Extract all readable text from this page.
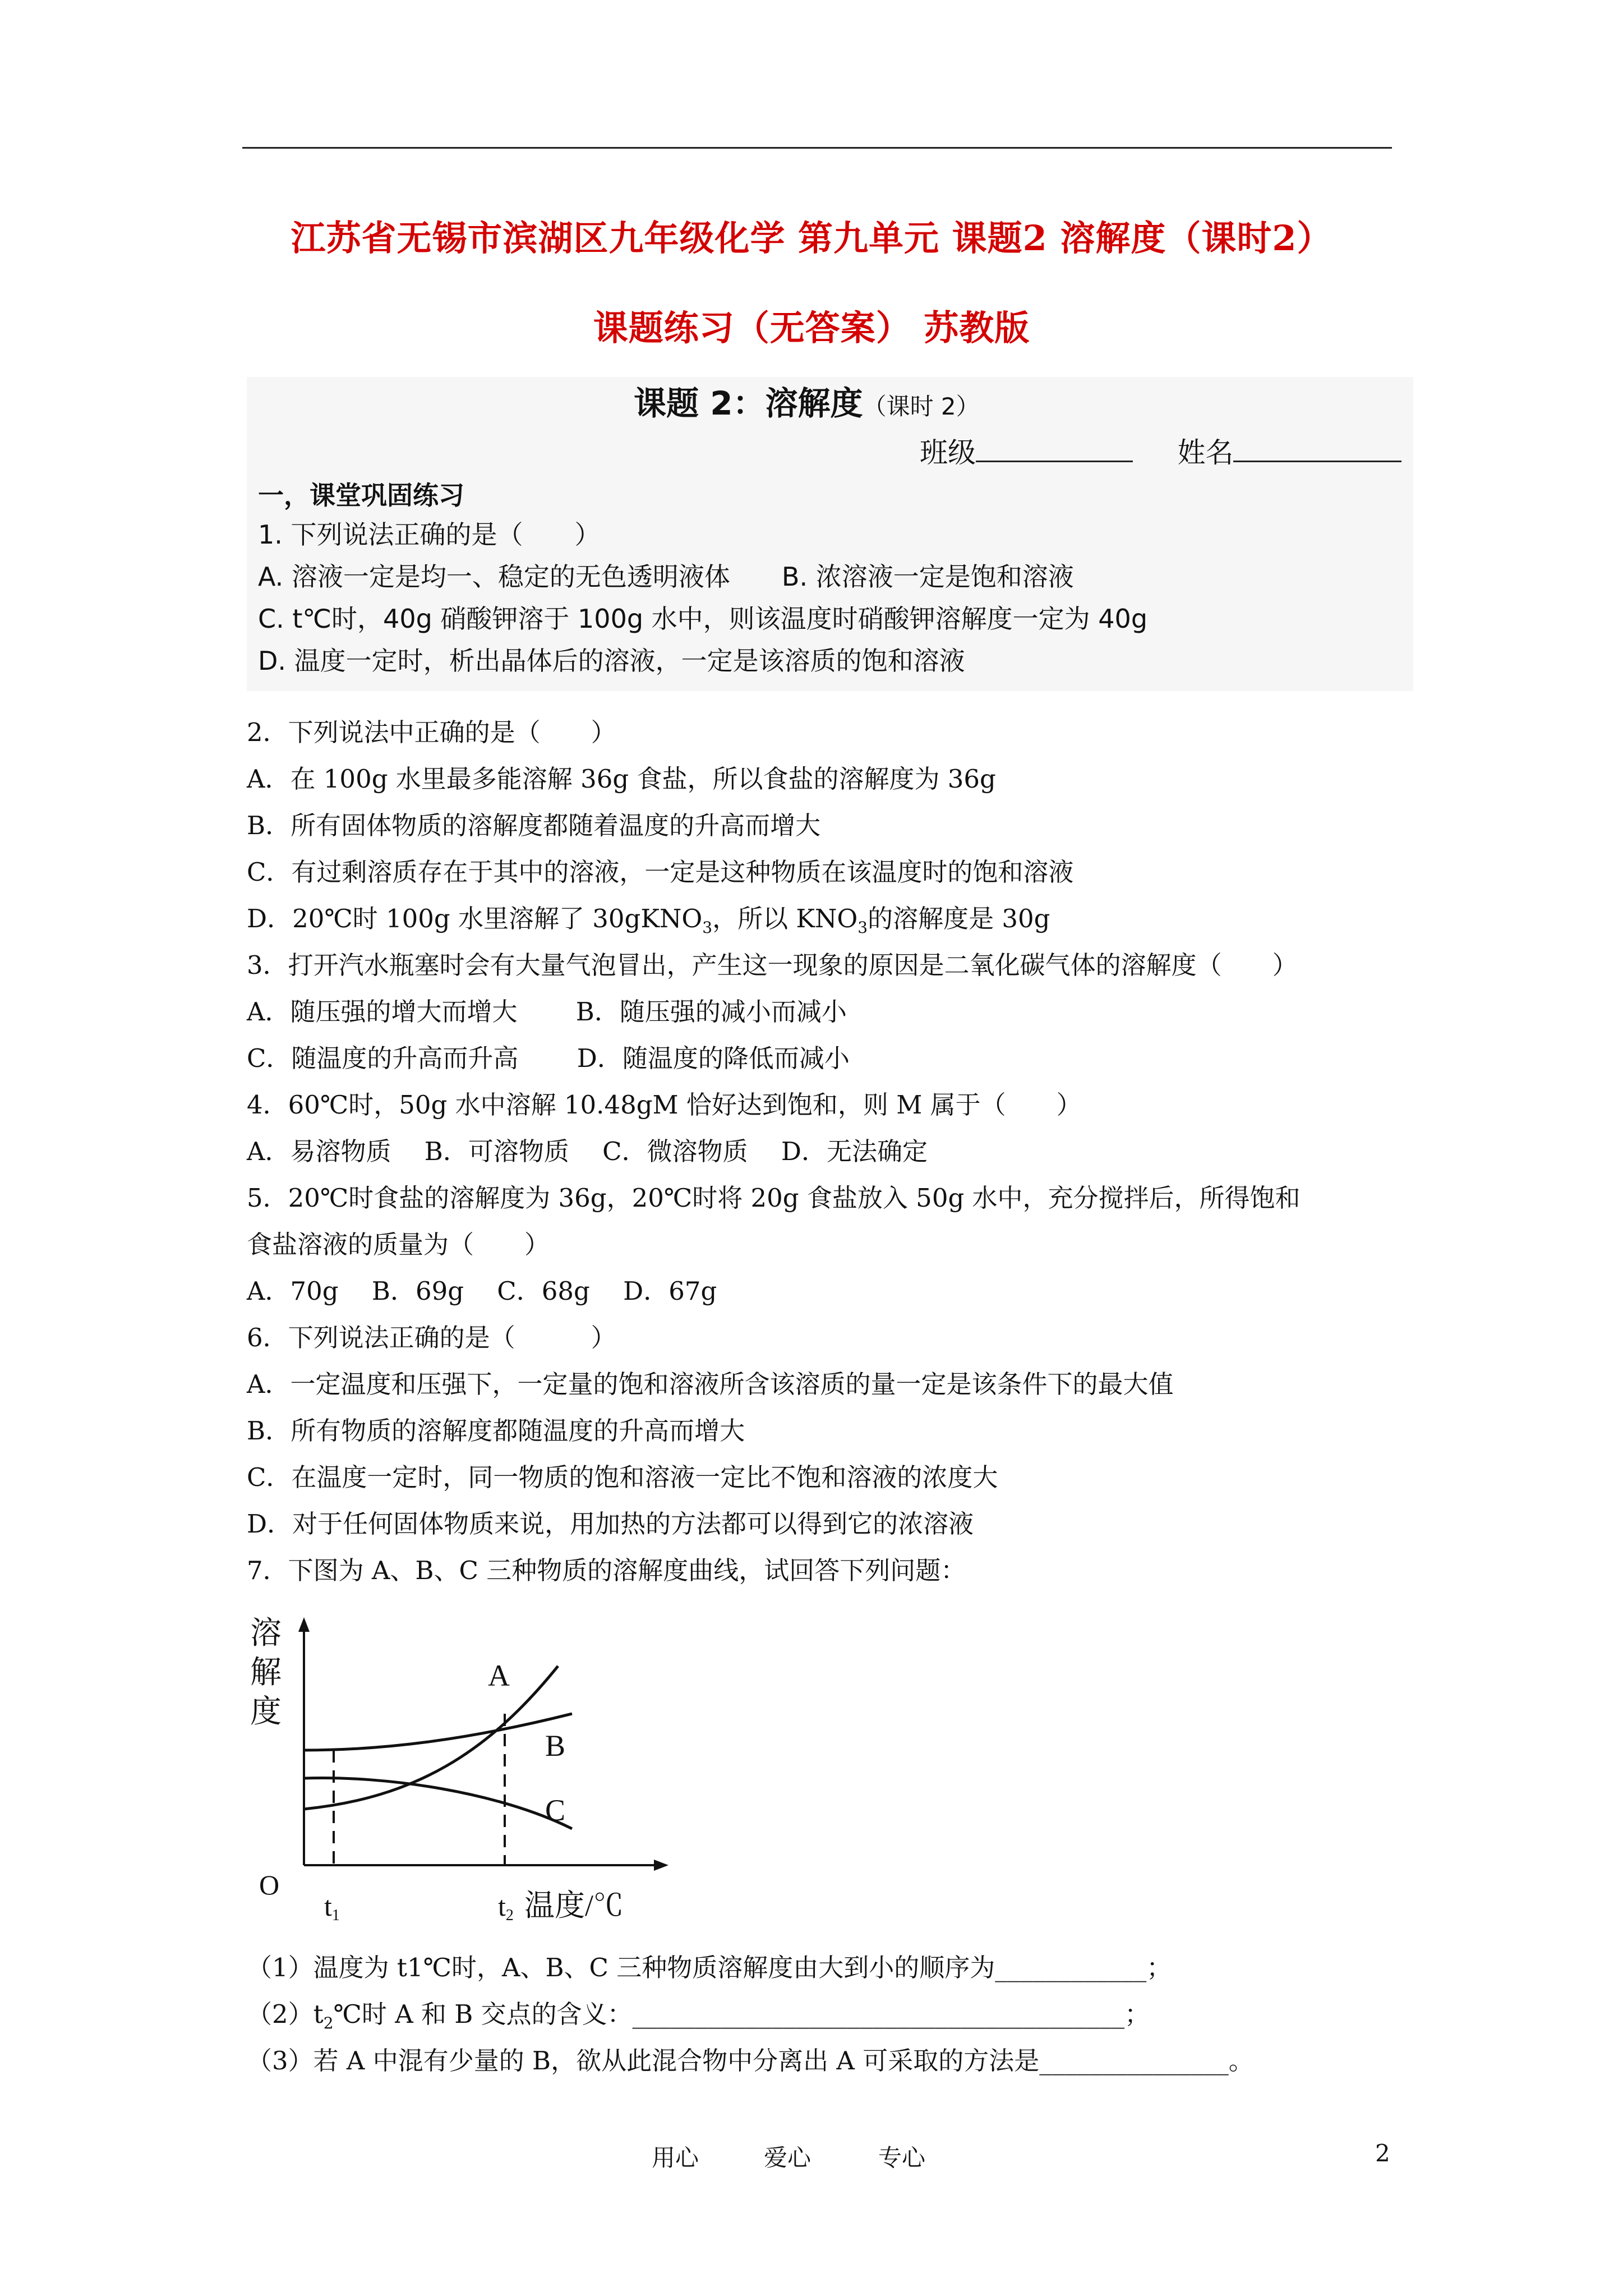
江苏省无锡市滨湖区九年级化学 第九单元 课题2 溶解度（课时2）
课题练习（无答案） 苏教版
课题 2：溶解度（课时 2）
班级	姓名
一，课堂巩固练习
1. 下列说法正确的是（　　）
A. 溶液一定是均一、稳定的无色透明液体　　B. 浓溶液一定是饱和溶液
C. t℃时，40g 硝酸钾溶于 100g 水中，则该温度时硝酸钾溶解度一定为 40g
D. 温度一定时，析出晶体后的溶液，一定是该溶质的饱和溶液
2．下列说法中正确的是（　　）
A．在 100g 水里最多能溶解 36g 食盐，所以食盐的溶解度为 36g
B．所有固体物质的溶解度都随着温度的升高而增大
C．有过剩溶质存在于其中的溶液，一定是这种物质在该温度时的饱和溶液
D．20℃时 100g 水里溶解了 30gKNO$_3$，所以 $KNO_3$的溶解度是 30g
3．打开汽水瓶塞时会有大量气泡冒出，产生这一现象的原因是二氧化碳气体的溶解度（　　）
A．随压强的增大而增大　　 B．随压强的减小而减小
C．随温度的升高而升高　　 D．随温度的降低而减小
4．60℃时，50g 水中溶解 10.48gM 恰好达到饱和，则 M 属于（　　）
A．易溶物质　 B．可溶物质　 C．微溶物质　 D．无法确定
5．20℃时食盐的溶解度为 36g，20℃时将 20g 食盐放入 50g 水中，充分搅拌后，所得饱和
食盐溶液的质量为（　　）
A．70g　 B．69g　 C．68g　 D．67g
6．下列说法正确的是（　　　）
A．一定温度和压强下，一定量的饱和溶液所含该溶质的量一定是该条件下的最大值
B．所有物质的溶解度都随温度的升高而增大
C．在温度一定时，同一物质的饱和溶液一定比不饱和溶液的浓度大
D．对于任何固体物质来说，用加热的方法都可以得到它的浓溶液
7．下图为 A、B、C 三种物质的溶解度曲线，试回答下列问题：
溶解度
O
A
B
C
t1	t2 温度/℃
（1）温度为 t1℃时，A、B、C 三种物质溶解度由大到小的顺序为____________；
$(2)t_2℃$时 A 和 B 交点的含义：_______________________________________；
（3）若 A 中混有少量的 B，欲从此混合物中分离出 A 可采取的方法是_______________。
用心	爱心	专心	2
